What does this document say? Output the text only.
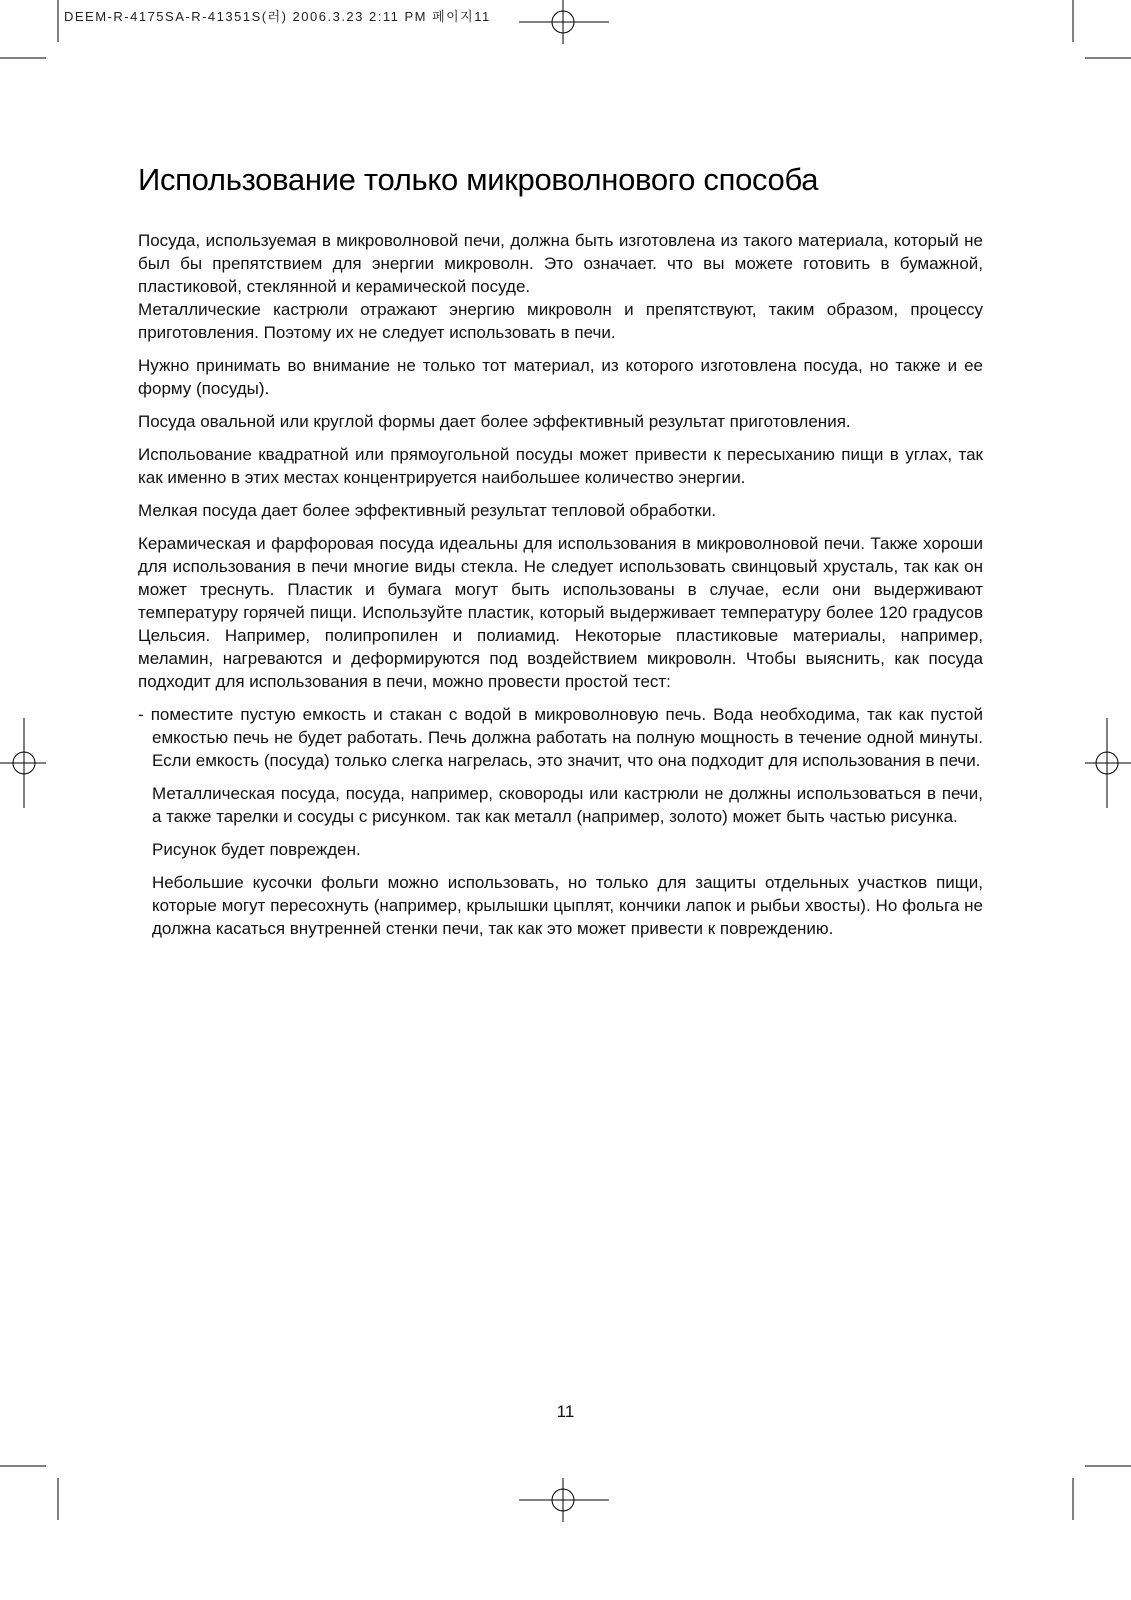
DEEM-R-4175SA-R-41351S(러) 2006.3.23 2:11 PM 페이지11
Использование только микроволнового способа

Посуда, используемая в микроволновой печи, должна быть изготовлена из такого материала, который не был бы препятствием для энергии микроволн. Это означает. что вы можете готовить в бумажной, пластиковой, стеклянной и керамической посуде.

Металлические кастрюли отражают энергию микроволн и препятствуют, таким образом, процессу приготовления. Поэтому их не следует использовать в печи.

Нужно принимать во внимание не только тот материал, из которого изготовлена посуда, но также и ее форму (посуды).

Посуда овальной или круглой формы дает более эффективный результат приготовления.

Испольование квадратной или прямоугольной посуды может привести к пересыханию пищи в углах, так как именно в этих местах концентрируется наибольшее количество энергии.

Мелкая посуда дает более эффективный результат тепловой обработки.

Керамическая и фарфоровая посуда идеальны для использования в микроволновой печи. Также хороши для использования в печи многие виды стекла. Не следует использовать свинцовый хрусталь, так как он может треснуть. Пластик и бумага могут быть использованы в случае, если они выдерживают температуру горячей пищи. Используйте пластик, который выдерживает температуру более 120 градусов Цельсия. Например, полипропилен и полиамид. Некоторые пластиковые материалы, например, меламин, нагреваются и деформируются под воздействием микроволн. Чтобы выяснить, как посуда подходит для использования в печи, можно провести простой тест:

- поместите пустую емкость и стакан с водой в микроволновую печь. Вода необходима, так как пустой емкостью печь не будет работать. Печь должна работать на полную мощность в течение одной минуты. Если емкость (посуда) только слегка нагрелась, это значит, что она подходит для использования в печи.

Металлическая посуда, посуда, например, сковороды или кастрюли не должны использоваться в печи, а также тарелки и сосуды с рисунком. так как металл (например, золото) может быть частью рисунка.

Рисунок будет поврежден.

Небольшие кусочки фольги можно использовать, но только для защиты отдельных участков пищи, которые могут пересохнуть (например, крылышки цыплят, кончики лапок и рыбьи хвосты). Но фольга не должна касаться внутренней стенки печи, так как это может привести к повреждению.

11
